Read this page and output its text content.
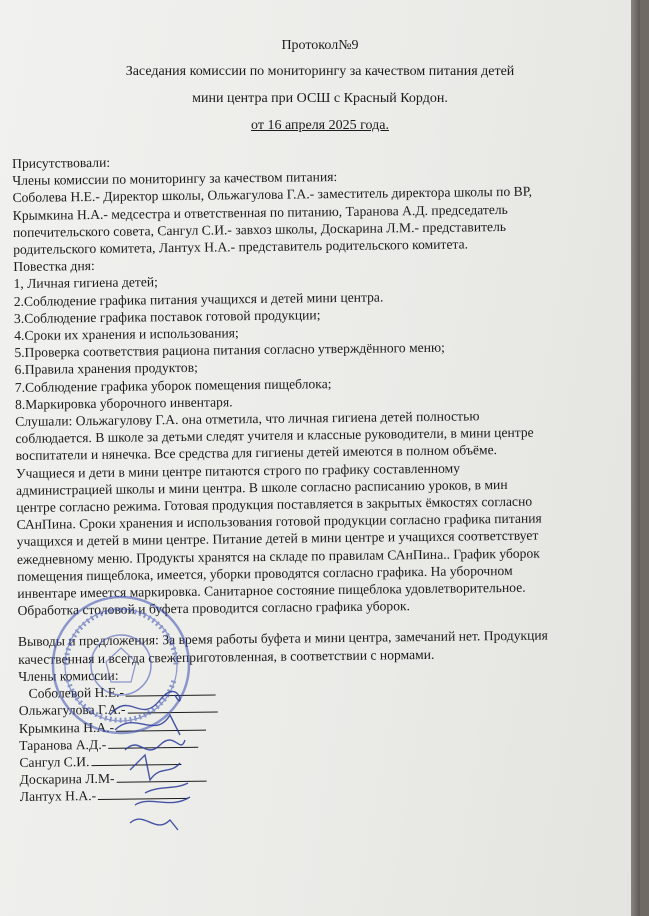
Протокол№9
Заседания комиссии по мониторингу за качеством питания детей
мини центра при ОСШ с Красный Кордон.
от 16 апреля 2025 года.

Присутствовали:

Члены комиссии по мониторингу за качеством питания:

Соболева Н.Е.- Директор школы, Ольжагулова Г.А.- заместитель директора школы по ВР,

Крымкина Н.А.- медсестра и ответственная по питанию, Таранова А.Д. председатель

попечительского совета, Сангул С.И.- завхоз школы, Доскарина Л.М.- представитель

родительского комитета, Лантух Н.А.- представитель родительского комитета.

Повестка дня:

1, Личная гигиена детей;

2.Соблюдение графика питания учащихся и детей мини центра.

3.Соблюдение графика поставок готовой продукции;

4.Сроки их хранения и использования;

5.Проверка соответствия рациона питания согласно утверждённого меню;

6.Правила хранения продуктов;

7.Соблюдение графика уборок помещения пищеблока;

8.Маркировка уборочного инвентаря.

Слушали: Ольжагулову Г.А. она отметила, что личная гигиена детей полностью

соблюдается. В школе за детьми следят учителя и классные руководители, в мини центре

воспитатели и нянечка. Все средства для гигиены детей имеются в полном объёме.

Учащиеся и дети в мини центре питаются строго по графику составленному

администрацией школы и мини центра. В школе согласно расписанию уроков, в мин

центре согласно режима. Готовая продукция поставляется в закрытых ёмкостях согласно

САнПина. Сроки хранения и использования готовой продукции согласно графика питания

учащихся и детей в мини центре. Питание детей в мини центре и учащихся соответствует

ежедневному меню. Продукты хранятся на складе по правилам САнПина.. График уборок

помещения пищеблока, имеется, уборки проводятся согласно графика. На уборочном

инвентаре имеется маркировка. Санитарное состояние пищеблока удовлетворительное.

Обработка столовой и буфета проводится согласно графика уборок.

Выводы и предложения: За время работы буфета и мини центра, замечаний нет. Продукция

качественная и всегда свежеприготовленная, в соответствии с нормами.

Члены комиссии:

Соболевой Н.Е.-
Ольжагулова Г.А.-
Крымкина Н.А.-
Таранова А.Д.-
Сангул С.И.
Доскарина Л.М-
Лантух Н.А.-
